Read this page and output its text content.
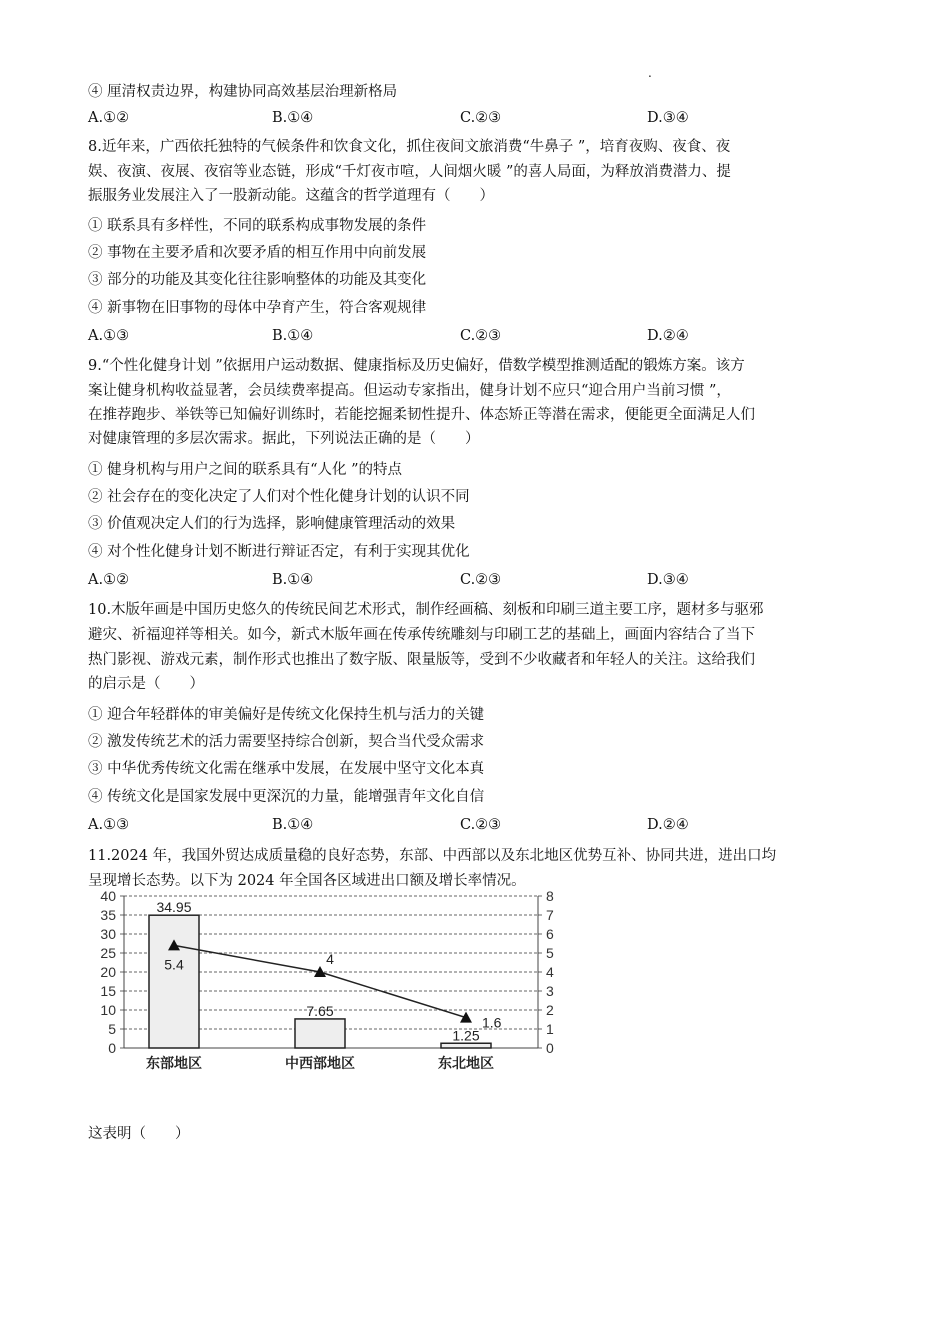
.
④ 厘清权责边界，构建协同高效基层治理新格局
A.①②	B.①④	C.②③	D.③④
8.近年来，广西依托独特的气候条件和饮食文化，抓住夜间文旅消费“牛鼻子 ”，培育夜购、夜食、夜
娱、夜演、夜展、夜宿等业态链，形成“千灯夜市喧，人间烟火暖 ”的喜人局面，为释放消费潜力、提
振服务业发展注入了一股新动能。这蕴含的哲学道理有（　　）
① 联系具有多样性，不同的联系构成事物发展的条件
② 事物在主要矛盾和次要矛盾的相互作用中向前发展
③ 部分的功能及其变化往往影响整体的功能及其变化
④ 新事物在旧事物的母体中孕育产生，符合客观规律
A.①③	B.①④	C.②③	D.②④
9.“个性化健身计划 ”依据用户运动数据、健康指标及历史偏好，借数学模型推测适配的锻炼方案。该方
案让健身机构收益显著，会员续费率提高。但运动专家指出，健身计划不应只“迎合用户当前习惯 ”，
在推荐跑步、举铁等已知偏好训练时，若能挖掘柔韧性提升、体态矫正等潜在需求，便能更全面满足人们
对健康管理的多层次需求。据此，下列说法正确的是（　　）
① 健身机构与用户之间的联系具有“人化 ”的特点
② 社会存在的变化决定了人们对个性化健身计划的认识不同
③ 价值观决定人们的行为选择，影响健康管理活动的效果
④ 对个性化健身计划不断进行辩证否定，有利于实现其优化
A.①②	B.①④	C.②③	D.③④
10.木版年画是中国历史悠久的传统民间艺术形式，制作经画稿、刻板和印刷三道主要工序，题材多与驱邪
避灾、祈福迎祥等相关。如今，新式木版年画在传承传统雕刻与印刷工艺的基础上，画面内容结合了当下
热门影视、游戏元素，制作形式也推出了数字版、限量版等，受到不少收藏者和年轻人的关注。这给我们
的启示是（　　）
① 迎合年轻群体的审美偏好是传统文化保持生机与活力的关键
② 激发传统艺术的活力需要坚持综合创新，契合当代受众需求
③ 中华优秀传统文化需在继承中发展，在发展中坚守文化本真
④ 传统文化是国家发展中更深沉的力量，能增强青年文化自信
A.①③	B.①④	C.②③	D.②④
11.2024 年，我国外贸达成质量稳的良好态势，东部、中西部以及东北地区优势互补、协同共进，进出口均
呈现增长态势。以下为 2024 年全国各区域进出口额及增长率情况。
这表明（　　）
0
5
10
15
20
25
30
35
40
0
1
2
3
4
5
6
7
8
34.95
7.65
1.25
东部地区	中西部地区	东北地区
5.4	4
1.6
